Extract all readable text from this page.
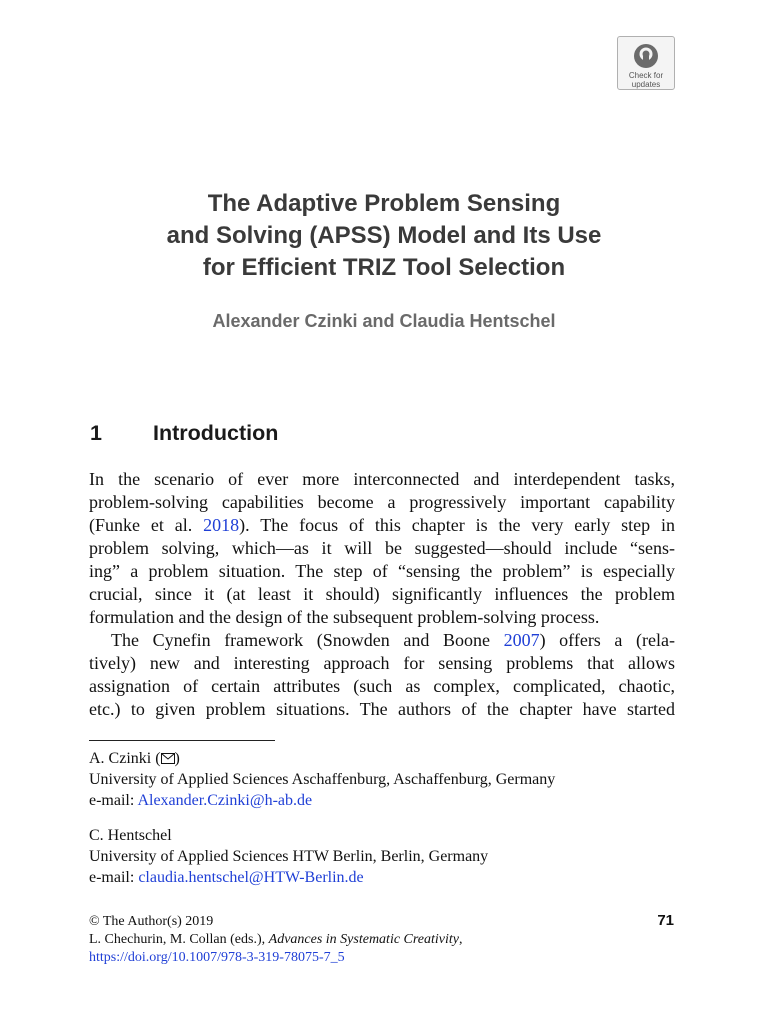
Check for
updates
The Adaptive Problem Sensing
and Solving (APSS) Model and Its Use
for Efficient TRIZ Tool Selection
Alexander Czinki and Claudia Hentschel
1 Introduction

In the scenario of ever more interconnected and interdependent tasks,
problem-solving capabilities become a progressively important capability
(Funke et al. 2018). The focus of this chapter is the very early step in
problem solving, which—as it will be suggested—should include “sens-
ing” a problem situation. The step of “sensing the problem” is especially
crucial, since it (at least it should) significantly influences the problem
formulation and the design of the subsequent problem-solving process.

The Cynefin framework (Snowden and Boone 2007) offers a (rela-
tively) new and interesting approach for sensing problems that allows
assignation of certain attributes (such as complex, complicated, chaotic,
etc.) to given problem situations. The authors of the chapter have started

A. Czinki ( )
University of Applied Sciences Aschaffenburg, Aschaffenburg, Germany
e-mail: Alexander.Czinki@h-ab.de
C. Hentschel
University of Applied Sciences HTW Berlin, Berlin, Germany
e-mail: claudia.hentschel@HTW-Berlin.de
© The Author(s) 2019
L. Chechurin, M. Collan (eds.), Advances in Systematic Creativity,
https://doi.org/10.1007/978-3-319-78075-7_5
71
